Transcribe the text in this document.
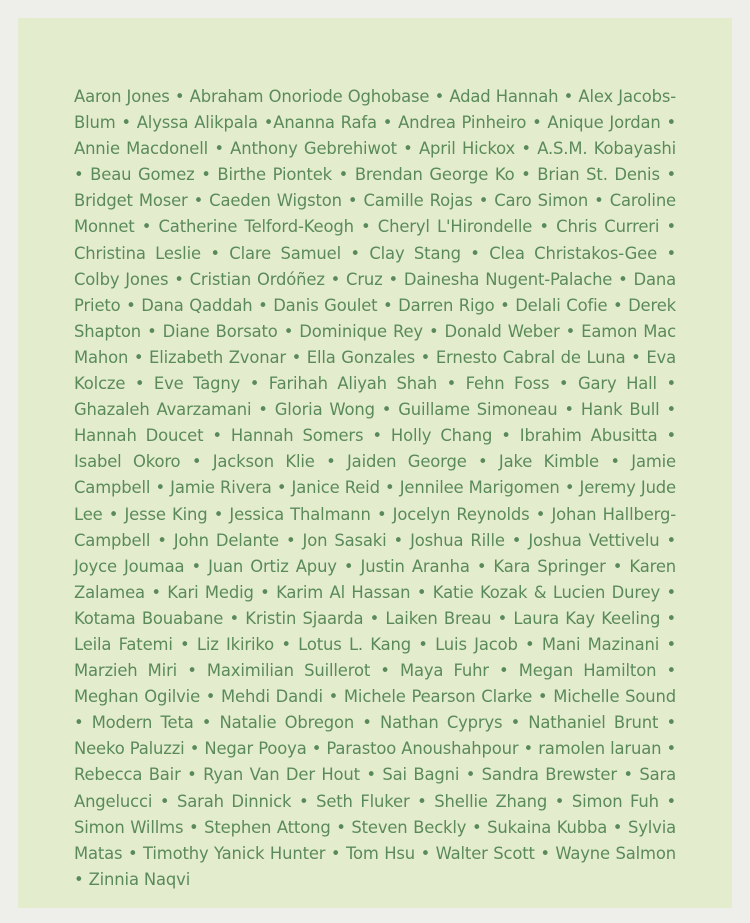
Aaron Jones • Abraham Onoriode Oghobase • Adad Hannah • Alex Jacobs-Blum • Alyssa Alikpala •Ananna Rafa • Andrea Pinheiro • Anique Jordan • Annie Macdonell • Anthony Gebrehiwot • April Hickox • A.S.M. Kobayashi • Beau Gomez • Birthe Piontek • Brendan George Ko • Brian St. Denis • Bridget Moser • Caeden Wigston • Camille Rojas • Caro Simon • Caroline Monnet • Catherine Telford-Keogh • Cheryl L'Hirondelle • Chris Curreri • Christina Leslie • Clare Samuel • Clay Stang • Clea Christakos-Gee • Colby Jones • Cristian Ordóñez • Cruz • Dainesha Nugent-Palache • Dana Prieto • Dana Qaddah • Danis Goulet • Darren Rigo • Delali Cofie • Derek Shapton • Diane Borsato • Dominique Rey • Donald Weber • Eamon Mac Mahon • Elizabeth Zvonar • Ella Gonzales • Ernesto Cabral de Luna • Eva Kolcze • Eve Tagny • Farihah Aliyah Shah • Fehn Foss • Gary Hall • Ghazaleh Avarzamani • Gloria Wong • Guillame Simoneau • Hank Bull • Hannah Doucet • Hannah Somers • Holly Chang • Ibrahim Abusitta • Isabel Okoro • Jackson Klie • Jaiden George • Jake Kimble • Jamie Campbell • Jamie Rivera • Janice Reid • Jennilee Marigomen • Jeremy Jude Lee • Jesse King • Jessica Thalmann • Jocelyn Reynolds • Johan Hallberg-Campbell • John Delante • Jon Sasaki • Joshua Rille • Joshua Vettivelu • Joyce Joumaa • Juan Ortiz Apuy • Justin Aranha • Kara Springer • Karen Zalamea • Kari Medig • Karim Al Hassan • Katie Kozak & Lucien Durey • Kotama Bouabane • Kristin Sjaarda • Laiken Breau • Laura Kay Keeling • Leila Fatemi • Liz Ikiriko • Lotus L. Kang • Luis Jacob • Mani Mazinani • Marzieh Miri • Maximilian Suillerot • Maya Fuhr • Megan Hamilton • Meghan Ogilvie • Mehdi Dandi • Michele Pearson Clarke • Michelle Sound • Modern Teta • Natalie Obregon • Nathan Cyprys • Nathaniel Brunt • Neeko Paluzzi • Negar Pooya • Parastoo Anoushahpour • ramolen laruan • Rebecca Bair • Ryan Van Der Hout • Sai Bagni • Sandra Brewster • Sara Angelucci • Sarah Dinnick • Seth Fluker • Shellie Zhang • Simon Fuh • Simon Willms • Stephen Attong • Steven Beckly • Sukaina Kubba • Sylvia Matas • Timothy Yanick Hunter • Tom Hsu • Walter Scott • Wayne Salmon • Zinnia Naqvi
